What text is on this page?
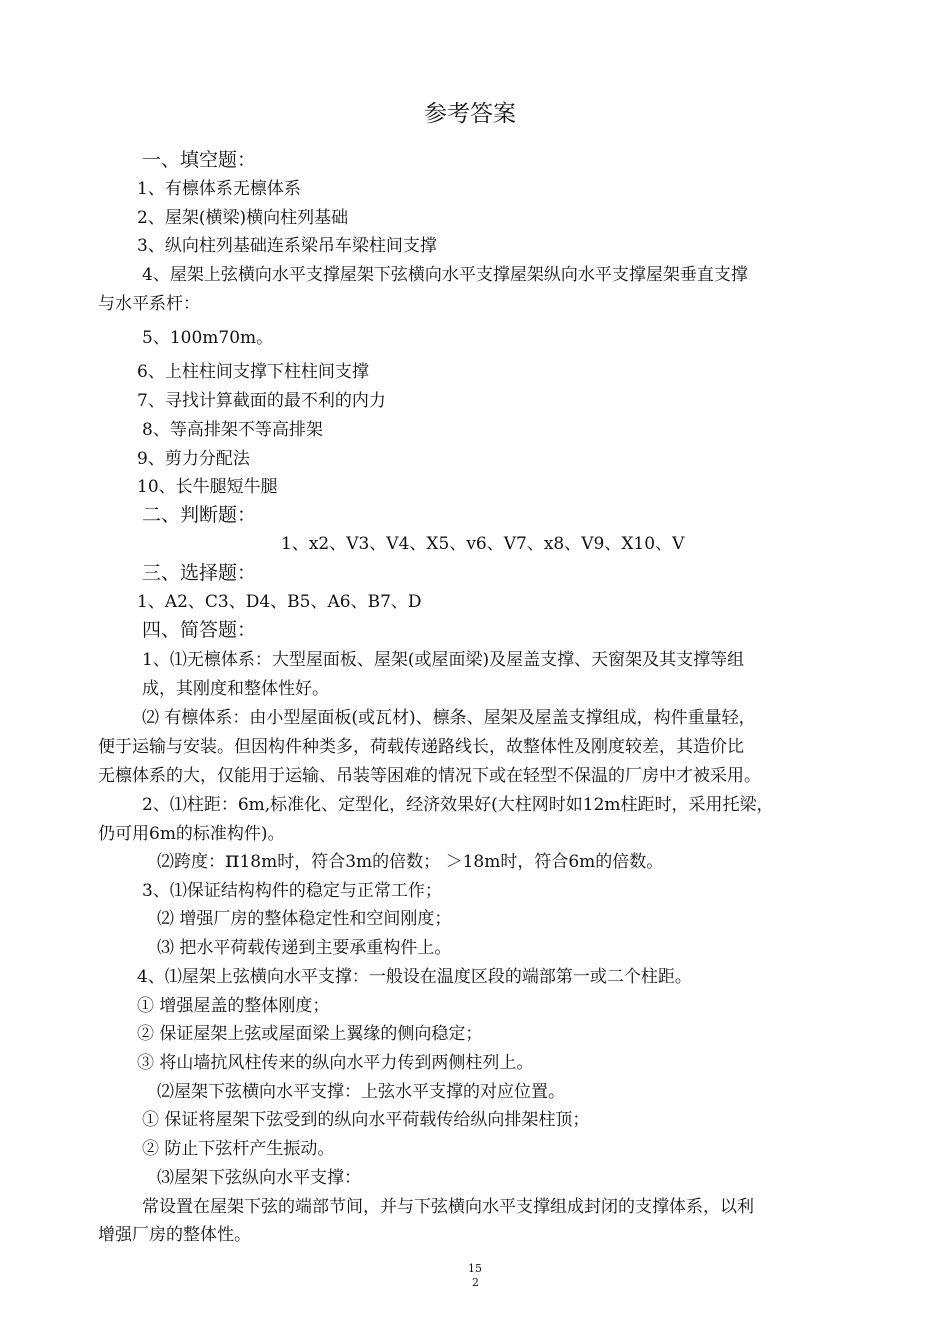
参考答案
一、填空题：
1、有檩体系无檩体系
2、屋架(横梁)横向柱列基础
3、纵向柱列基础连系梁吊车梁柱间支撑
4、屋架上弦横向水平支撑屋架下弦横向水平支撑屋架纵向水平支撑屋架垂直支撑
与水平系杆：
5、100m70m。
6、上柱柱间支撑下柱柱间支撑
7、寻找计算截面的最不利的内力
8、等高排架不等高排架
9、剪力分配法
10、长牛腿短牛腿
二、判断题：
1、x2、V3、V4、X5、v6、V7、x8、V9、X10、V
三、选择题：
1、A2、C3、D4、B5、A6、B7、D
四、简答题：
1、⑴无檩体系：大型屋面板、屋架(或屋面梁)及屋盖支撑、天窗架及其支撑等组
成，其刚度和整体性好。
⑵ 有檩体系：由小型屋面板(或瓦材)、檩条、屋架及屋盖支撑组成，构件重量轻，
便于运输与安装。但因构件种类多，荷载传递路线长，故整体性及刚度较差，其造价比
无檩体系的大，仅能用于运输、吊装等困难的情况下或在轻型不保温的厂房中才被采用。
2、⑴柱距：6m,标准化、定型化，经济效果好(大柱网时如12m柱距时，采用托梁，
仍可用6m的标准构件)。
⑵跨度：π18m时，符合3m的倍数； ＞18m时，符合6m的倍数。
3、⑴保证结构构件的稳定与正常工作；
⑵ 增强厂房的整体稳定性和空间刚度；
⑶ 把水平荷载传递到主要承重构件上。
4、⑴屋架上弦横向水平支撑：一般设在温度区段的端部第一或二个柱距。
① 增强屋盖的整体刚度；
② 保证屋架上弦或屋面梁上翼缘的侧向稳定；
③ 将山墙抗风柱传来的纵向水平力传到两侧柱列上。
⑵屋架下弦横向水平支撑：上弦水平支撑的对应位置。
① 保证将屋架下弦受到的纵向水平荷载传给纵向排架柱顶；
② 防止下弦杆产生振动。
⑶屋架下弦纵向水平支撑：
常设置在屋架下弦的端部节间，并与下弦横向水平支撑组成封闭的支撑体系，以利
增强厂房的整体性。
15
2
